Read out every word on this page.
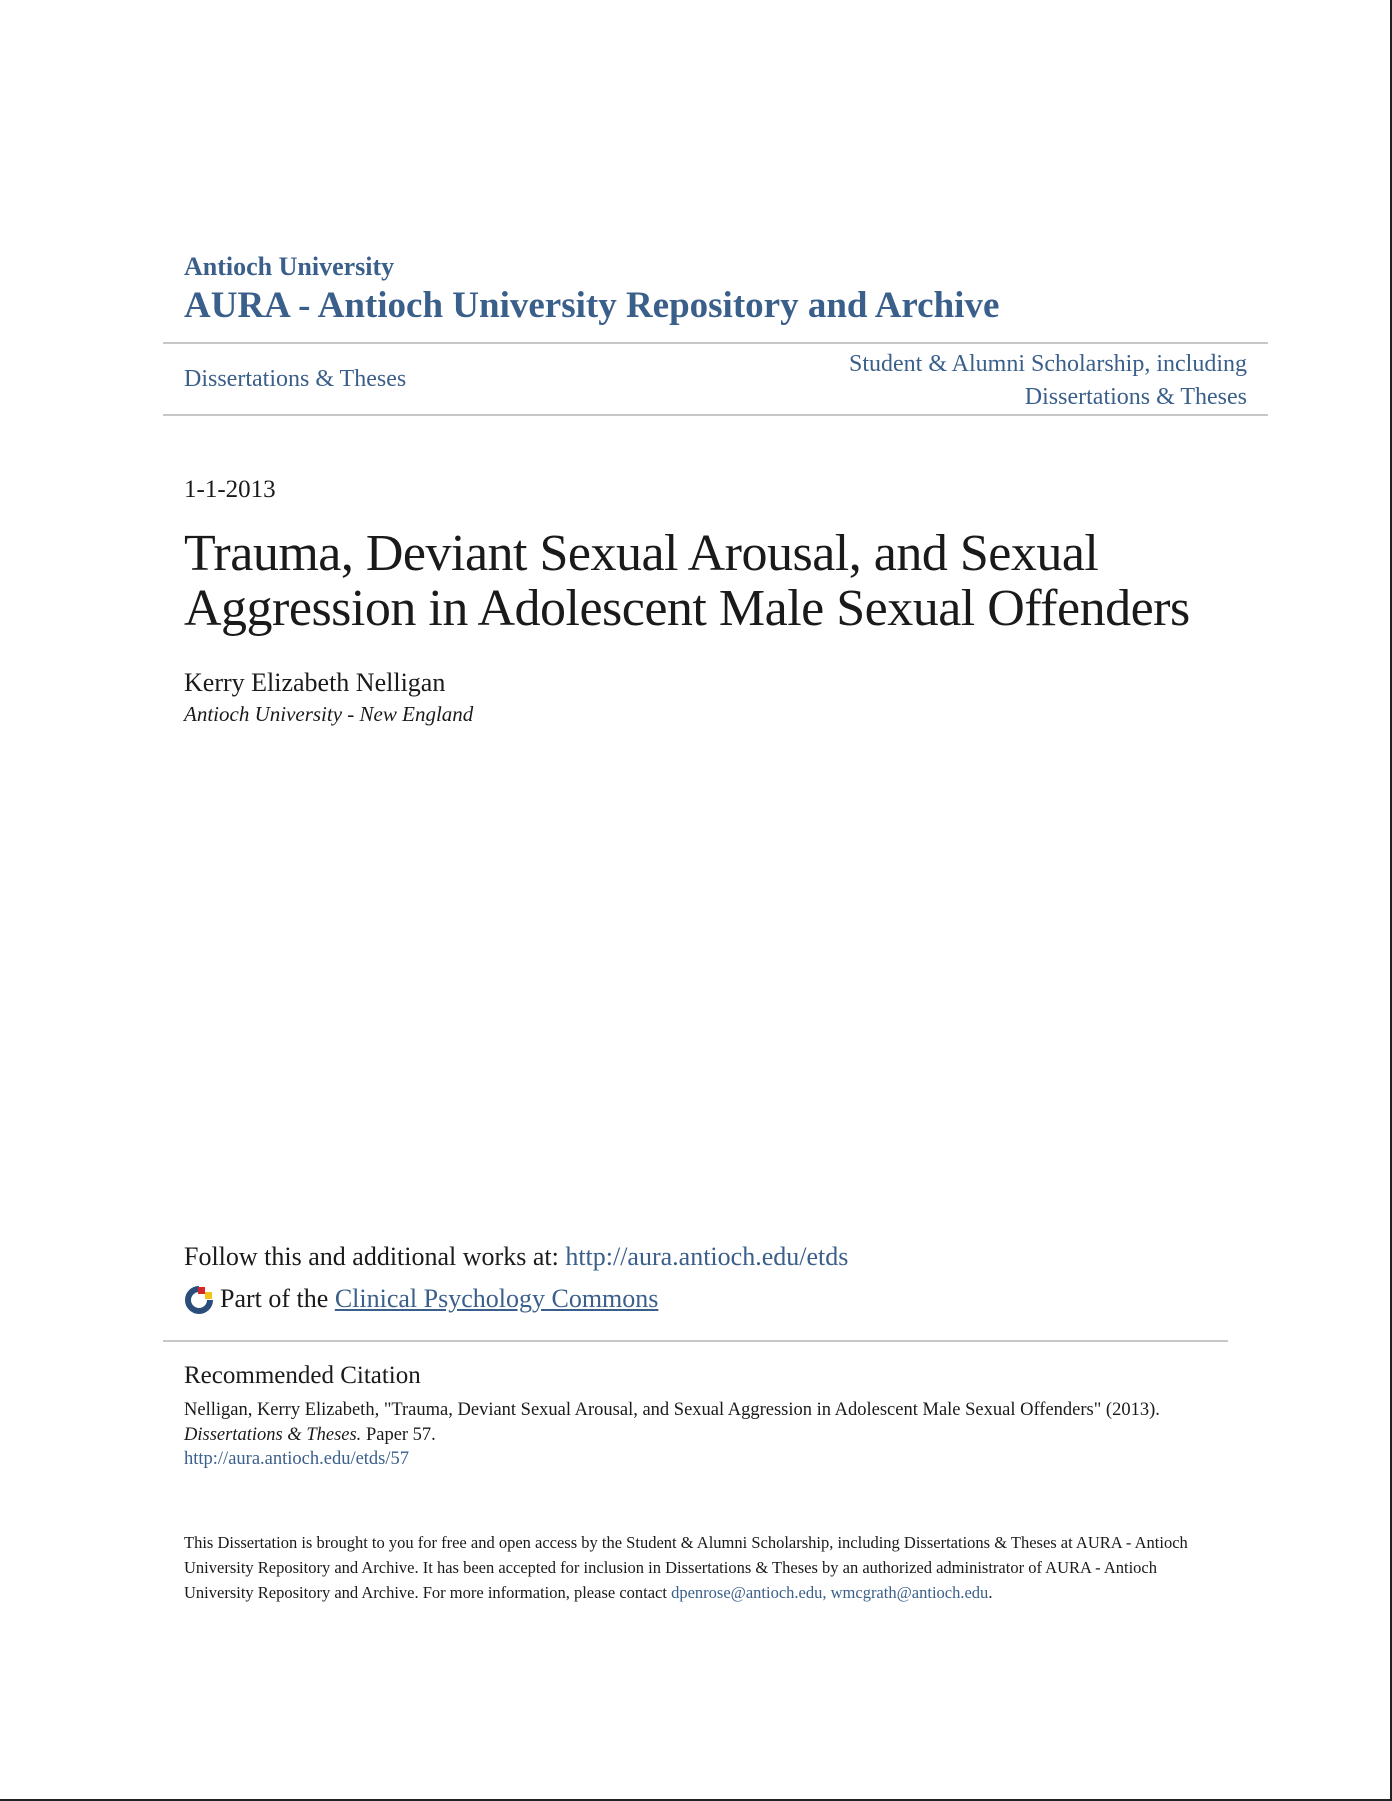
Antioch University
AURA - Antioch University Repository and Archive
Dissertations & Theses
Student & Alumni Scholarship, including
Dissertations & Theses
1-1-2013
Trauma, Deviant Sexual Arousal, and Sexual
Aggression in Adolescent Male Sexual Offenders
Kerry Elizabeth Nelligan
Antioch University - New England
Follow this and additional works at: http://aura.antioch.edu/etds
Part of the
Clinical Psychology Commons
Recommended Citation
Nelligan, Kerry Elizabeth, "Trauma, Deviant Sexual Arousal, and Sexual Aggression in Adolescent Male Sexual Offenders" (2013).
Dissertations & Theses. Paper 57.
http://aura.antioch.edu/etds/57
This Dissertation is brought to you for free and open access by the Student & Alumni Scholarship, including Dissertations & Theses at AURA - Antioch University Repository and Archive. It has been accepted for inclusion in Dissertations & Theses by an authorized administrator of AURA - Antioch University Repository and Archive. For more information, please contact dpenrose@antioch.edu, wmcgrath@antioch.edu.
